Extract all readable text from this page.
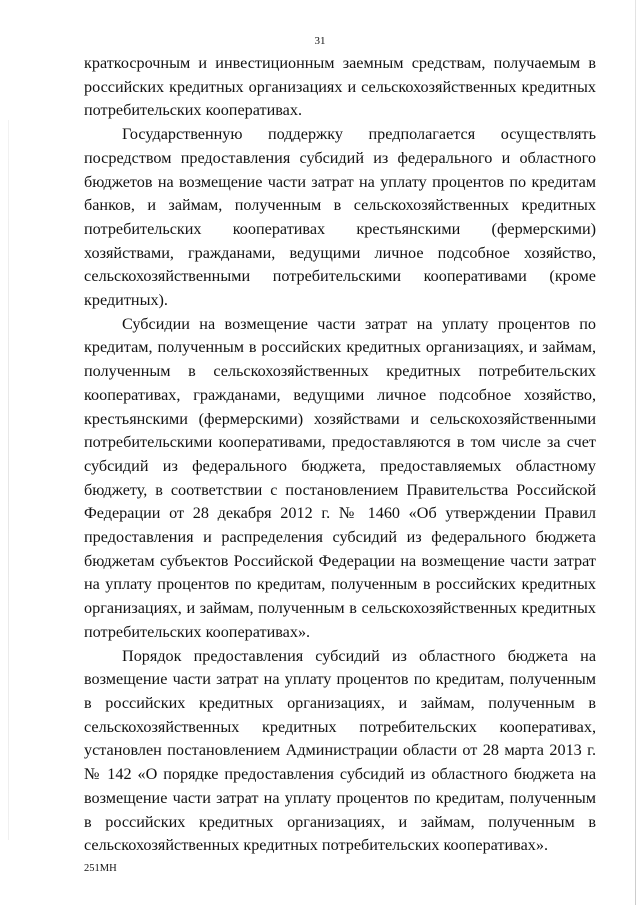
31

краткосрочным и инвестиционным заемным средствам, получаемым в российских кредитных организациях и сельскохозяйственных кредитных потребительских кооперативах.

Государственную поддержку предполагается осуществлять посредством предоставления субсидий из федерального и областного бюджетов на возмещение части затрат на уплату процентов по кредитам банков, и займам, полученным в сельскохозяйственных кредитных потребительских кооперативах крестьянскими (фермерскими) хозяйствами, гражданами, ведущими личное подсобное хозяйство, сельскохозяйственными потребительскими кооперативами (кроме кредитных).

Субсидии на возмещение части затрат на уплату процентов по кредитам, полученным в российских кредитных организациях, и займам, полученным в сельскохозяйственных кредитных потребительских кооперативах, гражданами, ведущими личное подсобное хозяйство, крестьянскими (фермерскими) хозяйствами и сельскохозяйственными потребительскими кооперативами, предоставляются в том числе за счет субсидий из федерального бюджета, предоставляемых областному бюджету, в соответствии с постановлением Правительства Российской Федерации от 28 декабря 2012 г. № 1460 «Об утверждении Правил предоставления и распределения субсидий из федерального бюджета бюджетам субъектов Российской Федерации на возмещение части затрат на уплату процентов по кредитам, полученным в российских кредитных организациях, и займам, полученным в сельскохозяйственных кредитных потребительских кооперативах».

Порядок предоставления субсидий из областного бюджета на возмещение части затрат на уплату процентов по кредитам, полученным в российских кредитных организациях, и займам, полученным в сельскохозяйственных кредитных потребительских кооперативах, установлен постановлением Администрации области от 28 марта 2013 г. № 142 «О порядке предоставления субсидий из областного бюджета на возмещение части затрат на уплату процентов по кредитам, полученным в российских кредитных организациях, и займам, полученным в сельскохозяйственных кредитных потребительских кооперативах».

251МН
